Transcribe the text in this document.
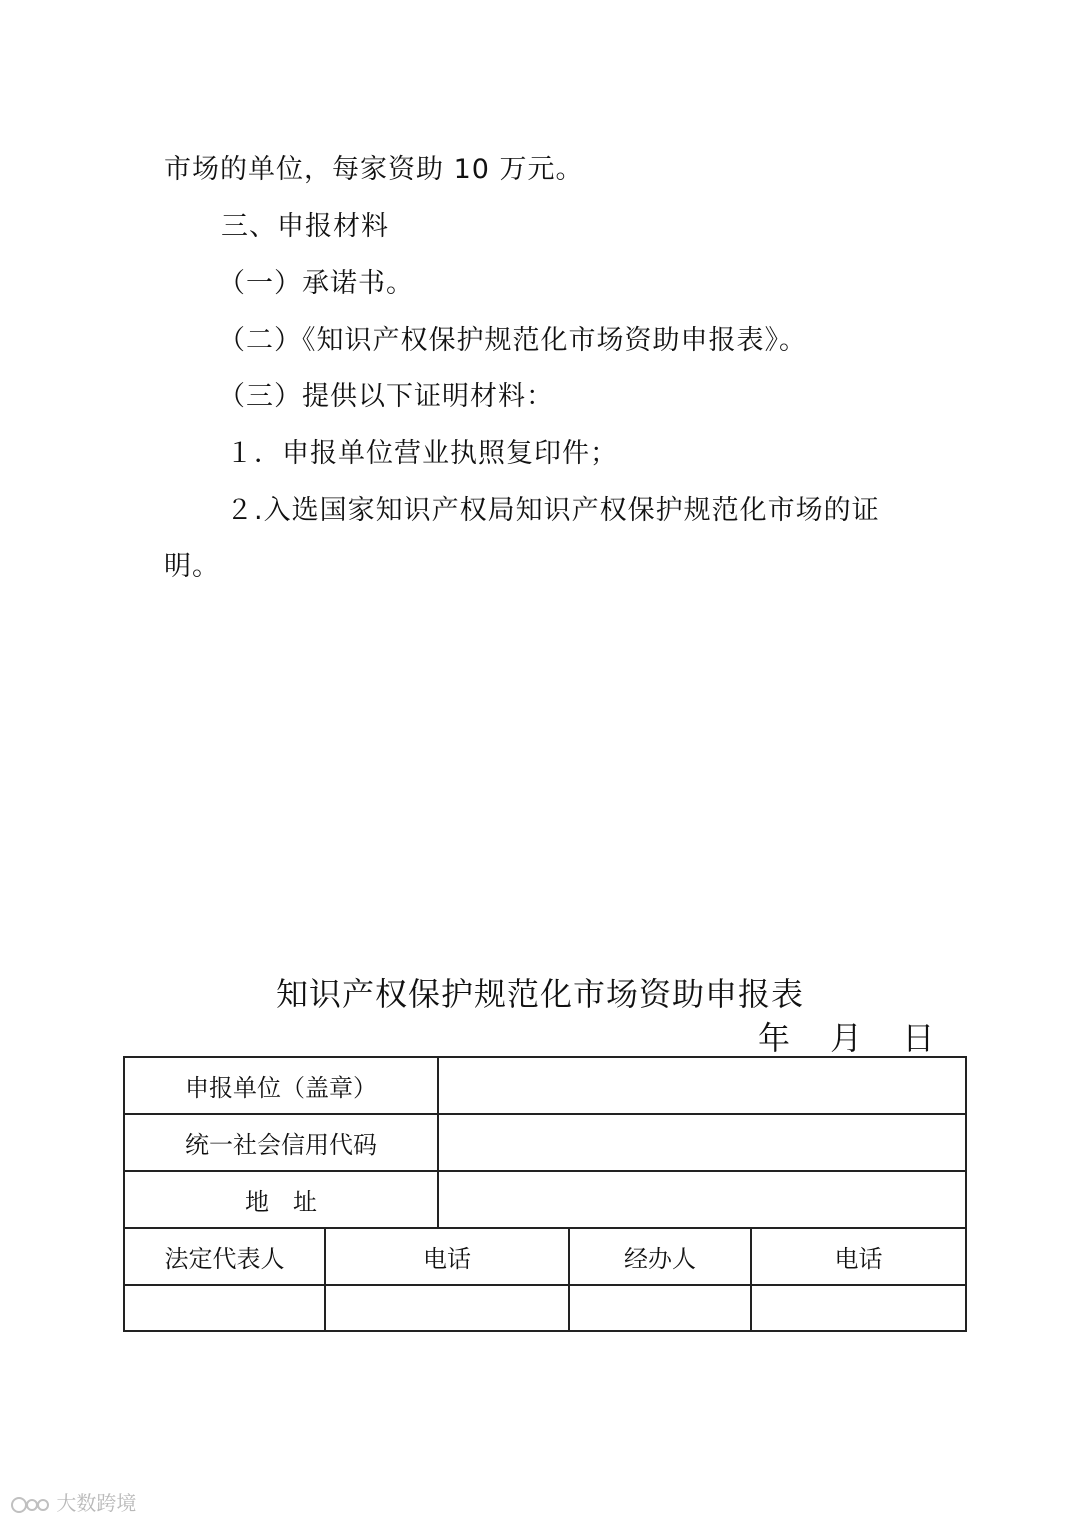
市场的单位，每家资助 10 万元。
三、申报材料
（一）承诺书。
（二）《知识产权保护规范化市场资助申报表》。
（三）提供以下证明材料：
１．申报单位营业执照复印件；
２.入选国家知识产权局知识产权保护规范化市场的证
明。
知识产权保护规范化市场资助申报表
年 月 日
申报单位（盖章）				
统一社会信用代码				
地　址				
法定代表人	电话		经办人	电话

大数跨境
